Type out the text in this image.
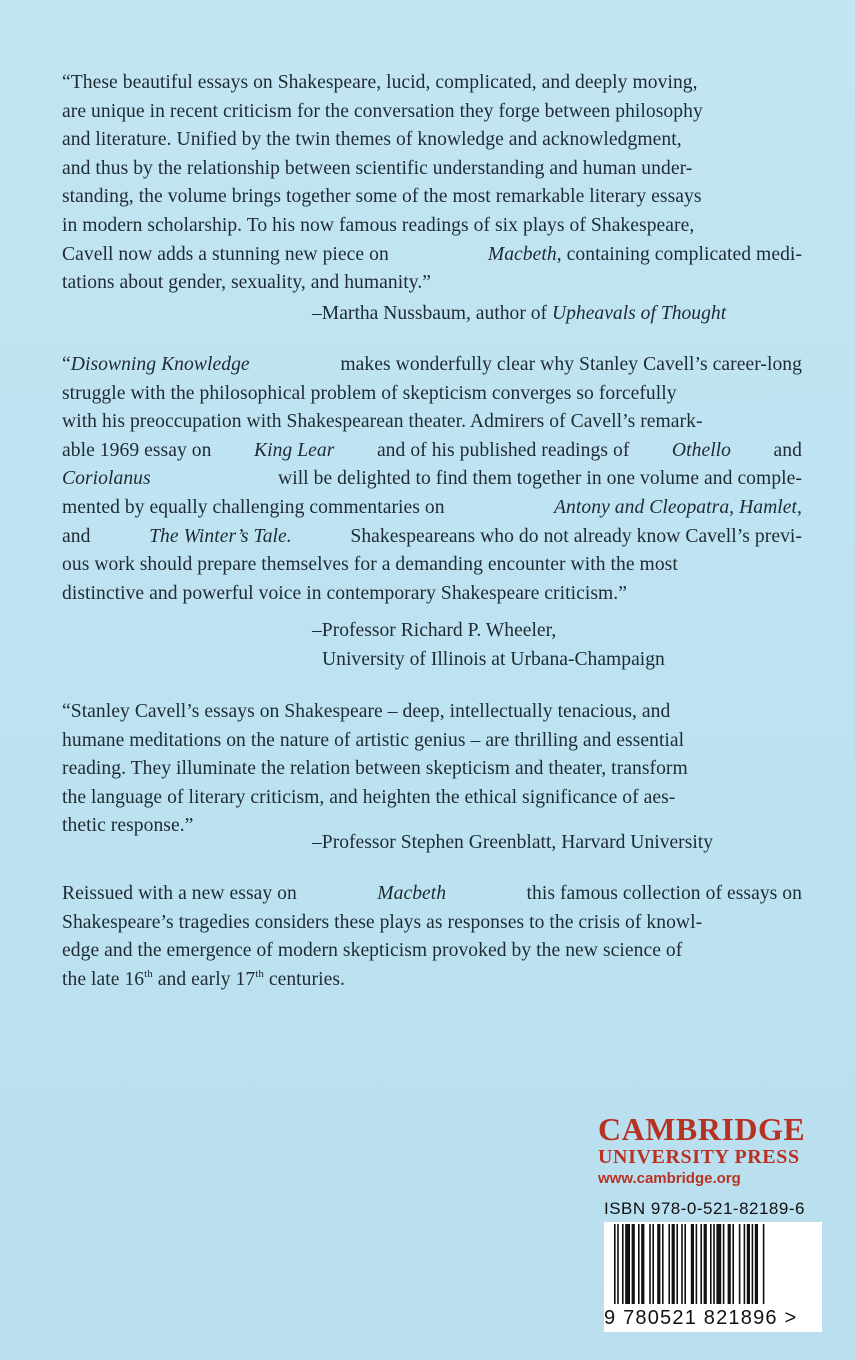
“These beautiful essays on Shakespeare, lucid, complicated, and deeply moving,
are unique in recent criticism for the conversation they forge between philosophy
and literature. Unified by the twin themes of knowledge and acknowledgment,
and thus by the relationship between scientific understanding and human under-
standing, the volume brings together some of the most remarkable literary essays
in modern scholarship. To his now famous readings of six plays of Shakespeare,
Cavell now adds a stunning new piece on	Macbeth, containing complicated medi-
tations about gender, sexuality, and humanity.”
–Martha Nussbaum, author of Upheavals of Thought
“Disowning Knowledge	makes wonderfully clear why Stanley Cavell’s career-long
struggle with the philosophical problem of skepticism converges so forcefully
with his preoccupation with Shakespearean theater. Admirers of Cavell’s remark-
able 1969 essay on King Lear and of his published readings of Othello and
Coriolanus	will be delighted to find them together in one volume and comple-
mented by equally challenging commentaries on	Antony and Cleopatra, Hamlet,
and	The Winter’s Tale.	Shakespeareans who do not already know Cavell’s previ-
ous work should prepare themselves for a demanding encounter with the most
distinctive and powerful voice in contemporary Shakespeare criticism.”
–Professor Richard P. Wheeler,
University of Illinois at Urbana-Champaign
“Stanley Cavell’s essays on Shakespeare – deep, intellectually tenacious, and
humane meditations on the nature of artistic genius – are thrilling and essential
reading. They illuminate the relation between skepticism and theater, transform
the language of literary criticism, and heighten the ethical significance of aes-
thetic response.”
–Professor Stephen Greenblatt, Harvard University
Reissued with a new essay on	Macbeth	this famous collection of essays on
Shakespeare’s tragedies considers these plays as responses to the crisis of knowl-
edge and the emergence of modern skepticism provoked by the new science of
the late 16th and early 17th centuries.
CAMBRIDGE
UNIVERSITY PRESS
www.cambridge.org
ISBN 978-0-521-82189-6
9 780521 821896 >
